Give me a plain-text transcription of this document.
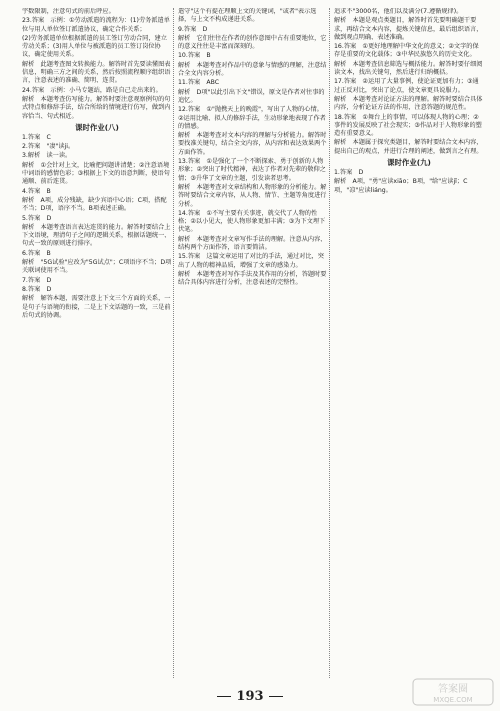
宇数限制，注意句式的前后呼应。

23.答案　示例：①劳动派遣的流程为：(1)劳务派遣单位与用人单位签订派遣协议，确定合作关系；

(2)劳务派遣单位根据派遣的员工签订劳动合同，建立劳动关系；(3)用人单位与被派遣的员工签订岗位协议，确定使用关系。

解析　此题考查图文转换能力。解答时首先要读懂图表信息，明确三方之间的关系，然后按照流程顺序组织语言，注意表述的准确、简明、连贯。

24.答案　示例：小马专题站，路是自己走出来的。

解析　本题考查仿写能力。解答时要注意观察例句的句式特点和修辞手法，结合所给的情境进行仿写，做到内容恰当、句式相近。

课时作业(八)

1.答案　C

2.答案　"凄"读ji。

3.解析　读一读。

解析　①会针对上文，比喻把问题讲清楚；②注意语境中词语的感情色彩；③根据上下文的语意判断，使语句通顺、前后连贯。

4.答案　B

解析　A项，成分残缺，缺少宾语中心语；C项，搭配不当；D项，语序不当。B项表述正确。

5.答案　D

解析　本题考查语言表达连贯的能力。解答时要结合上下文语境，理清句子之间的逻辑关系，根据话题统一、句式一致的原则进行排序。

6.答案　B

解析　"5G试验"应改为"5G试点"；C项语序不当；D项关联词使用不当。

7.答案　D

8.答案　D

解析　解答本题，需要注意上下文三个方面的关系，一是句子与语境的衔接，二是上下文话题的一致，三是前后句式的协调。

遣守"这个有提在理顺上文的关键词，"或者"表示选择，与上文不构成递进关系。

9.答案　D

解析　它们往往在作者的创作意图中占有重要地位，它的意义往往是丰富而深刻的。

10.答案　B

解析　本题考查对作品中的意象与情感的理解，注意结合全文内容分析。

11.答案　ABC

解析　D项"以此引出下文"错误，原文是作者对往事的追忆。

12.答案　①"抛携天上的晚霞"，写出了人物的心情。②运用比喻、拟人的修辞手法，生动形象地表现了作者的情感。

解析　本题考查对文本内容的理解与分析能力。解答时要找准关键句，结合全文内容，从内容和表达效果两个方面作答。

13.答案　①是强化了一个不断探索、勇于创新的人物形象；②突出了时代精神，表达了作者对先辈的敬仰之情；③升华了文章的主题，引发读者思考。

解析　本题考查对文章结构和人物形象的分析能力。解答时要结合文章内容，从人物、情节、主题等角度进行分析。

14.答案　①不写主要有关事迹，就交代了人物的性格；②以小见大，使人物形象更加丰满；③为下文埋下伏笔。

解析　本题考查对文章写作手法的理解。注意从内容、结构两个方面作答，语言要简洁。

15.答案　这篇文章运用了对比的手法，通过对比，突出了人物的精神品质，增强了文章的感染力。

解析　本题考查对写作手法及其作用的分析，答题时要结合具体内容进行分析，注意表述的完整性。

追求不"3000名，他们以及满分(7.遵循规律)。

解析　本题是观点类题目，解答时首先要明确题干要求，再结合文本内容，提炼关键信息，最后组织语言，做到观点明确、表述准确。

16.答案　①更好地理解中华文化的意义；②文字的保存是重要的文化载体；③中华民族悠久的历史文化。

解析　本题考查信息筛选与概括能力。解答时要仔细阅读文本，找出关键句，然后进行归纳概括。

17.答案　②运用了大量事例，使论证更加有力；③通过正反对比，突出了论点，使文章更具说服力。

解析　本题考查对论证方法的理解。解答时要结合具体内容，分析论证方法的作用，注意答题的规范性。

18.答案　①舞台上的事情，可以体现人物的心理；②事件的发展反映了社会现实；③作品对于人物形象的塑造有重要意义。

解析　本题属于探究类题目，解答时要结合文本内容，提出自己的观点，并进行合理的阐述，做到言之有理。

课时作业(九)

1.答案　D

解析　A项，"勇"应读xiāo；B项，"给"应读jǐ；C项，"凉"应读liáng。

193	答案圈
MXQE.COM
